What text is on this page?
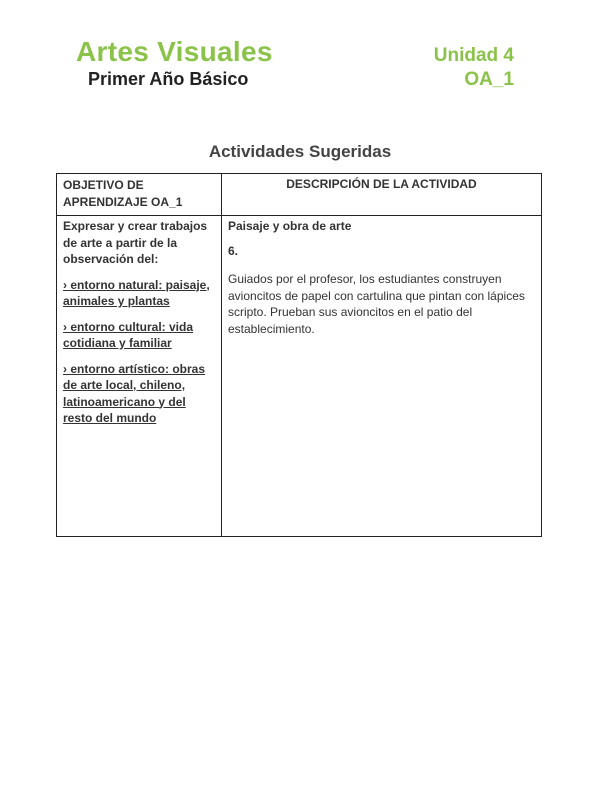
Artes Visuales
Primer Año Básico
Unidad 4
OA_1
Actividades Sugeridas
OBJETIVO DE APRENDIZAJE OA_1
DESCRIPCIÓN DE LA ACTIVIDAD

Expresar y crear trabajos de arte a partir de la observación del:

› entorno natural: paisaje, animales y plantas

› entorno cultural: vida cotidiana y familiar

› entorno artístico: obras de arte local, chileno, latinoamericano y del resto del mundo

Paisaje y obra de arte

6.

Guiados por el profesor, los estudiantes construyen avioncitos de papel con cartulina que pintan con lápices scripto. Prueban sus avioncitos en el patio del establecimiento.
